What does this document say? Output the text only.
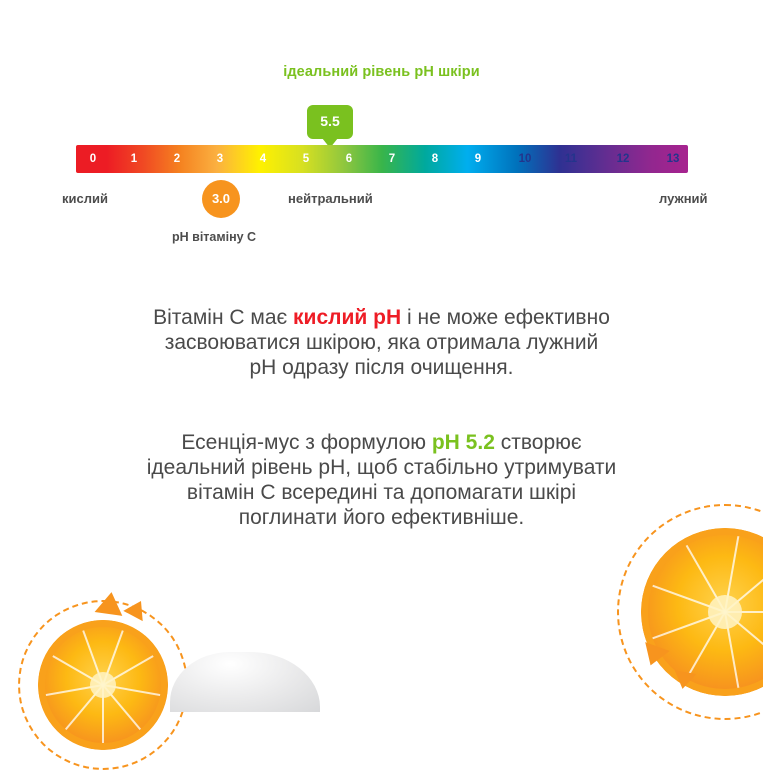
ідеальний рівень pH шкіри
5.5
0	1	2	3	4	5	6	7	8	9	10	11	12	13
3.0
кислий	нейтральний	лужний
pH вітаміну C
Вітамін C має кислий pH і не може ефективно
засвоюватися шкірою, яка отримала лужний
pH одразу після очищення.
Есенція-мус з формулою pH 5.2 створює
ідеальний рівень pH, щоб стабільно утримувати
вітамін C всередині та допомагати шкірі
поглинати його ефективніше.
